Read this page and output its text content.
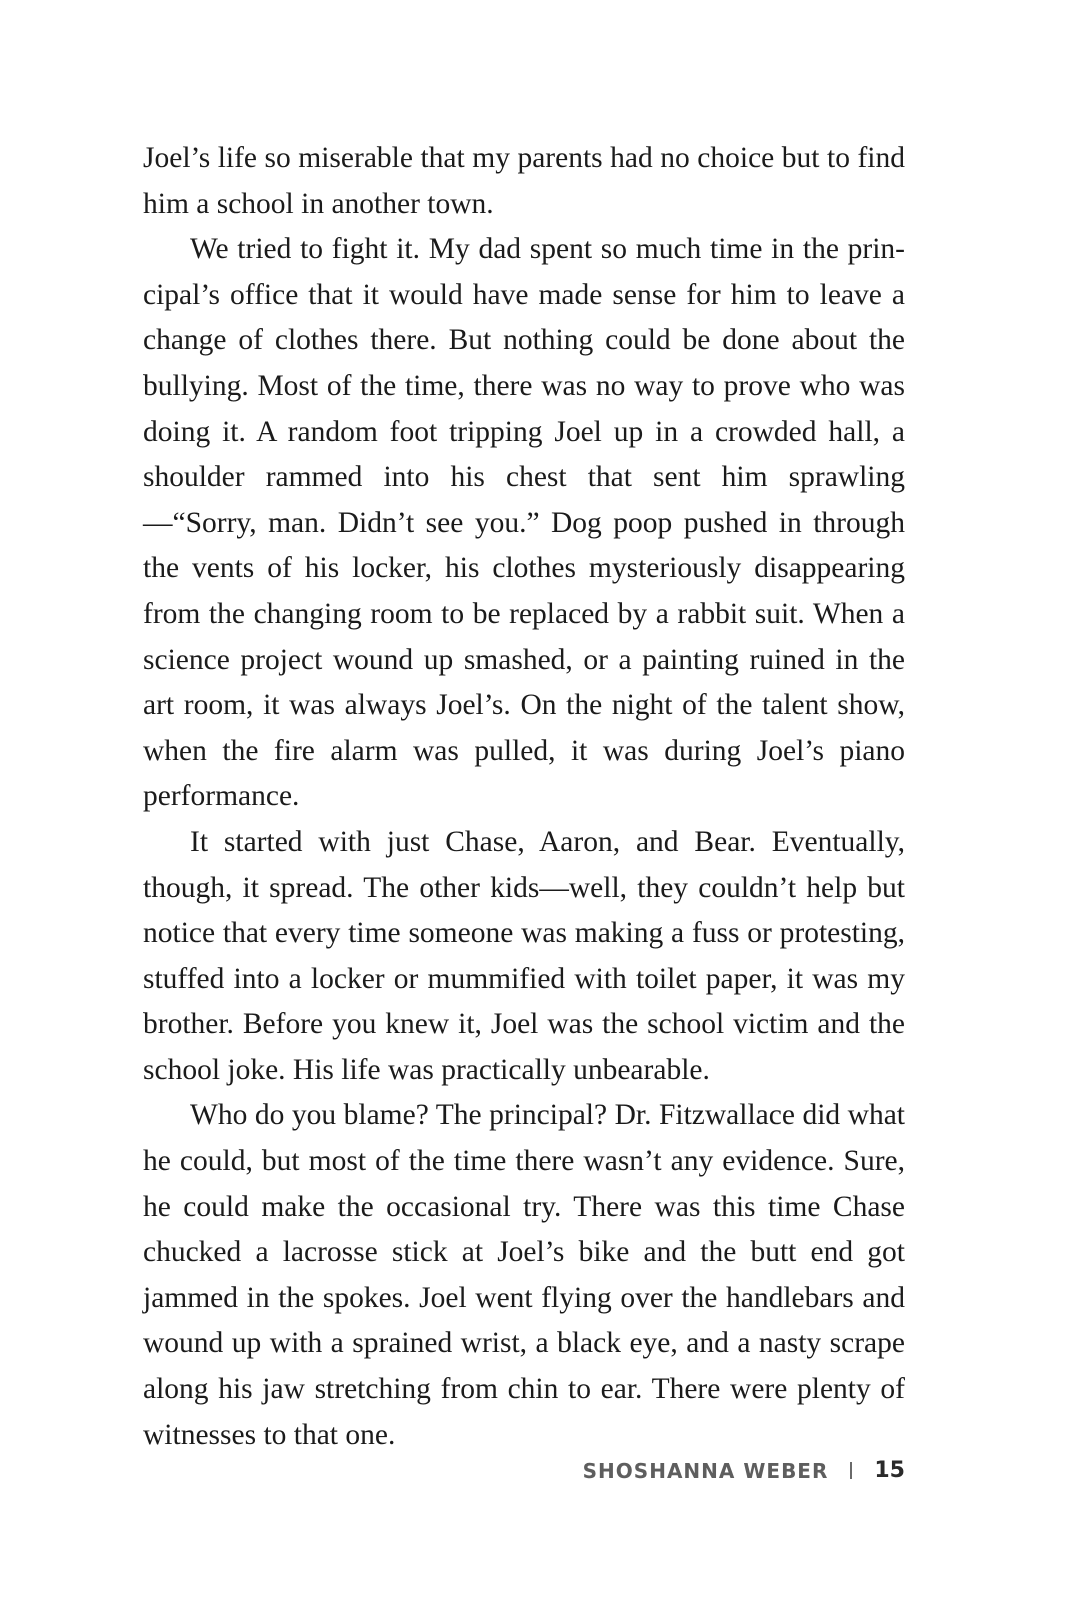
Joel’s life so miserable that my parents had no choice but to find him a school in another town.

We tried to fight it. My dad spent so much time in the principal’s office that it would have made sense for him to leave a change of clothes there. But nothing could be done about the bullying. Most of the time, there was no way to prove who was doing it. A random foot tripping Joel up in a crowded hall, a shoulder rammed into his chest that sent him sprawling—“Sorry, man. Didn’t see you.” Dog poop pushed in through the vents of his locker, his clothes mysteriously disappearing from the changing room to be replaced by a rabbit suit. When a science project wound up smashed, or a painting ruined in the art room, it was always Joel’s. On the night of the talent show, when the fire alarm was pulled, it was during Joel’s piano performance.

It started with just Chase, Aaron, and Bear. Eventually, though, it spread. The other kids—well, they couldn’t help but notice that every time someone was making a fuss or protesting, stuffed into a locker or mummified with toilet paper, it was my brother. Before you knew it, Joel was the school victim and the school joke. His life was practically unbearable.

Who do you blame? The principal? Dr. Fitzwallace did what he could, but most of the time there wasn’t any evidence. Sure, he could make the occasional try. There was this time Chase chucked a lacrosse stick at Joel’s bike and the butt end got jammed in the spokes. Joel went flying over the handlebars and wound up with a sprained wrist, a black eye, and a nasty scrape along his jaw stretching from chin to ear. There were plenty of witnesses to that one.

SHOSHANNA WEBER 15
